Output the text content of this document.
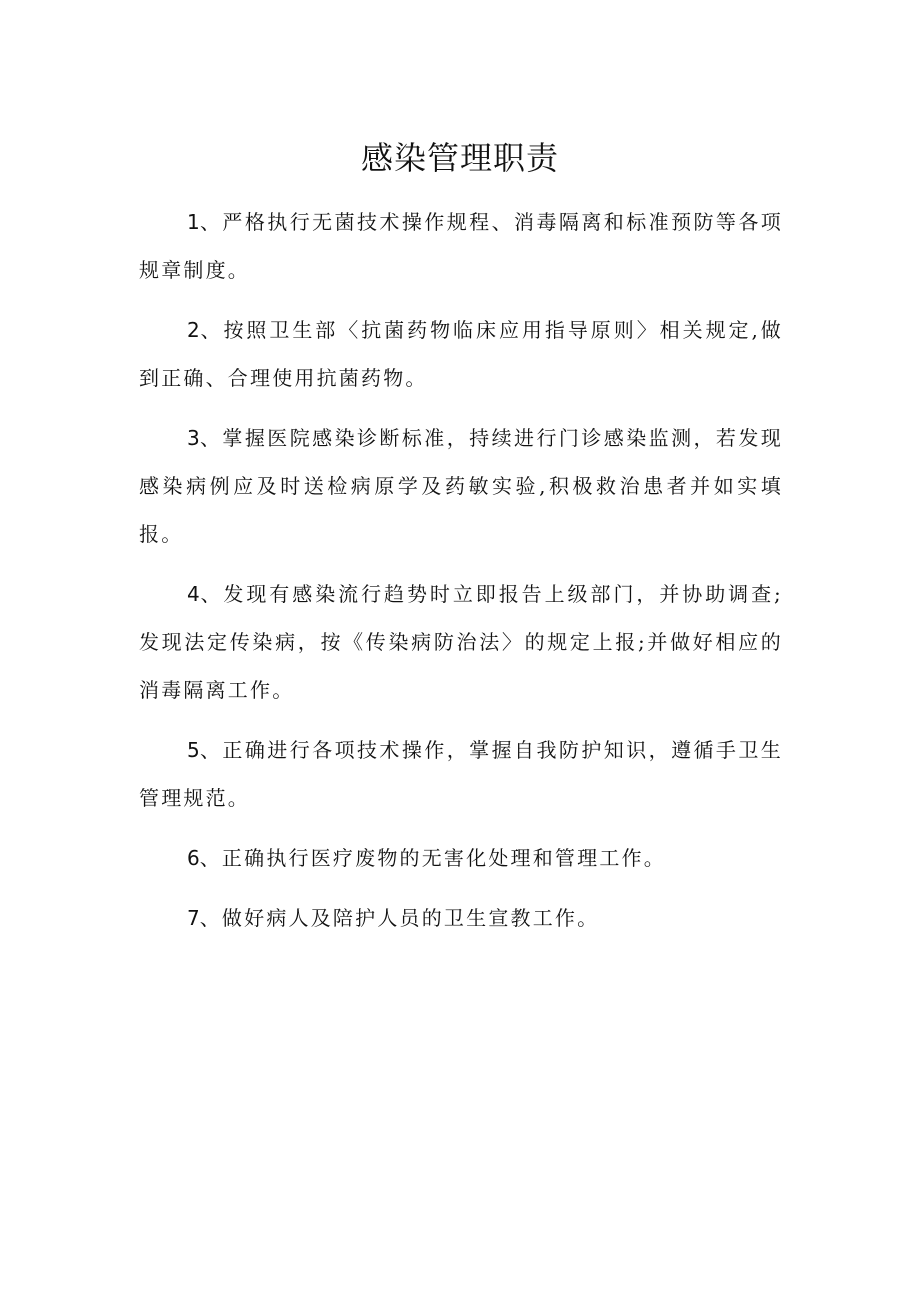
感染管理职责

1、严格执行无菌技术操作规程、消毒隔离和标准预防等各项规章制度。

2、按照卫生部〈抗菌药物临床应用指导原则〉相关规定,做到正确、合理使用抗菌药物。

3、掌握医院感染诊断标准，持续进行门诊感染监测，若发现感染病例应及时送检病原学及药敏实验,积极救治患者并如实填报。

4、发现有感染流行趋势时立即报告上级部门，并协助调查;发现法定传染病，按《传染病防治法〉的规定上报;并做好相应的消毒隔离工作。

5、正确进行各项技术操作，掌握自我防护知识，遵循手卫生管理规范。

6、正确执行医疗废物的无害化处理和管理工作。

7、做好病人及陪护人员的卫生宣教工作。
